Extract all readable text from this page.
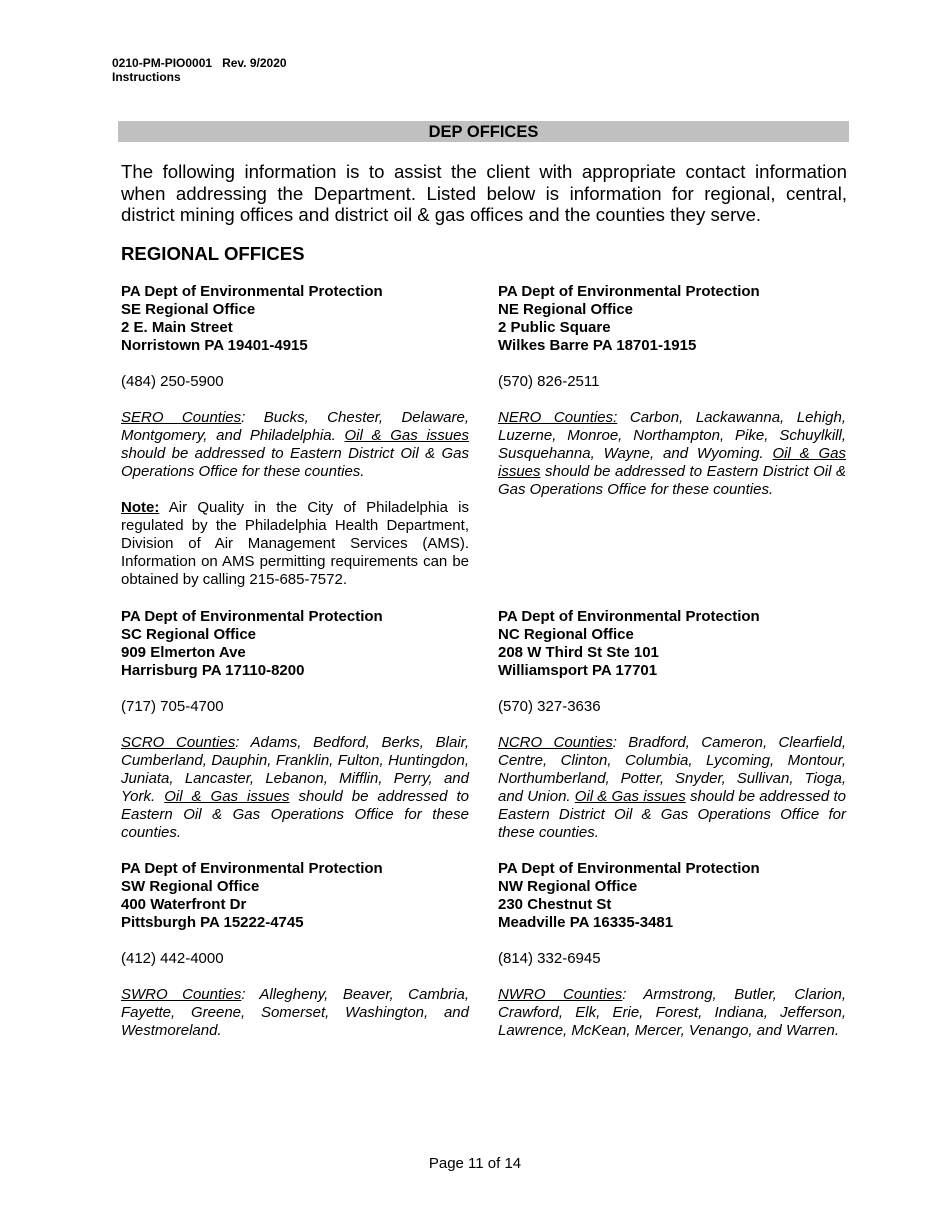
0210-PM-PIO0001 Rev. 9/2020
Instructions
DEP OFFICES

The following information is to assist the client with appropriate contact information when addressing the Department. Listed below is information for regional, central, district mining offices and district oil & gas offices and the counties they serve.

REGIONAL OFFICES
PA Dept of Environmental Protection
SE Regional Office
2 E. Main Street
Norristown PA 19401-4915
(484) 250-5900
SERO Counties: Bucks, Chester, Delaware, Montgomery, and Philadelphia. Oil & Gas issues should be addressed to Eastern District Oil & Gas Operations Office for these counties.
Note: Air Quality in the City of Philadelphia is regulated by the Philadelphia Health Department, Division of Air Management Services (AMS). Information on AMS permitting requirements can be obtained by calling 215-685-7572.
PA Dept of Environmental Protection
NE Regional Office
2 Public Square
Wilkes Barre PA 18701-1915
(570) 826-2511
NERO Counties: Carbon, Lackawanna, Lehigh, Luzerne, Monroe, Northampton, Pike, Schuylkill, Susquehanna, Wayne, and Wyoming. Oil & Gas issues should be addressed to Eastern District Oil & Gas Operations Office for these counties.
PA Dept of Environmental Protection
SC Regional Office
909 Elmerton Ave
Harrisburg PA 17110-8200
(717) 705-4700
SCRO Counties: Adams, Bedford, Berks, Blair, Cumberland, Dauphin, Franklin, Fulton, Huntingdon, Juniata, Lancaster, Lebanon, Mifflin, Perry, and York. Oil & Gas issues should be addressed to Eastern Oil & Gas Operations Office for these counties.
PA Dept of Environmental Protection
NC Regional Office
208 W Third St Ste 101
Williamsport PA 17701
(570) 327-3636
NCRO Counties: Bradford, Cameron, Clearfield, Centre, Clinton, Columbia, Lycoming, Montour, Northumberland, Potter, Snyder, Sullivan, Tioga, and Union. Oil & Gas issues should be addressed to Eastern District Oil & Gas Operations Office for these counties.
PA Dept of Environmental Protection
SW Regional Office
400 Waterfront Dr
Pittsburgh PA 15222-4745
(412) 442-4000
SWRO Counties: Allegheny, Beaver, Cambria, Fayette, Greene, Somerset, Washington, and Westmoreland.
PA Dept of Environmental Protection
NW Regional Office
230 Chestnut St
Meadville PA 16335-3481
(814) 332-6945
NWRO Counties: Armstrong, Butler, Clarion, Crawford, Elk, Erie, Forest, Indiana, Jefferson, Lawrence, McKean, Mercer, Venango, and Warren.
Page 11 of 14
